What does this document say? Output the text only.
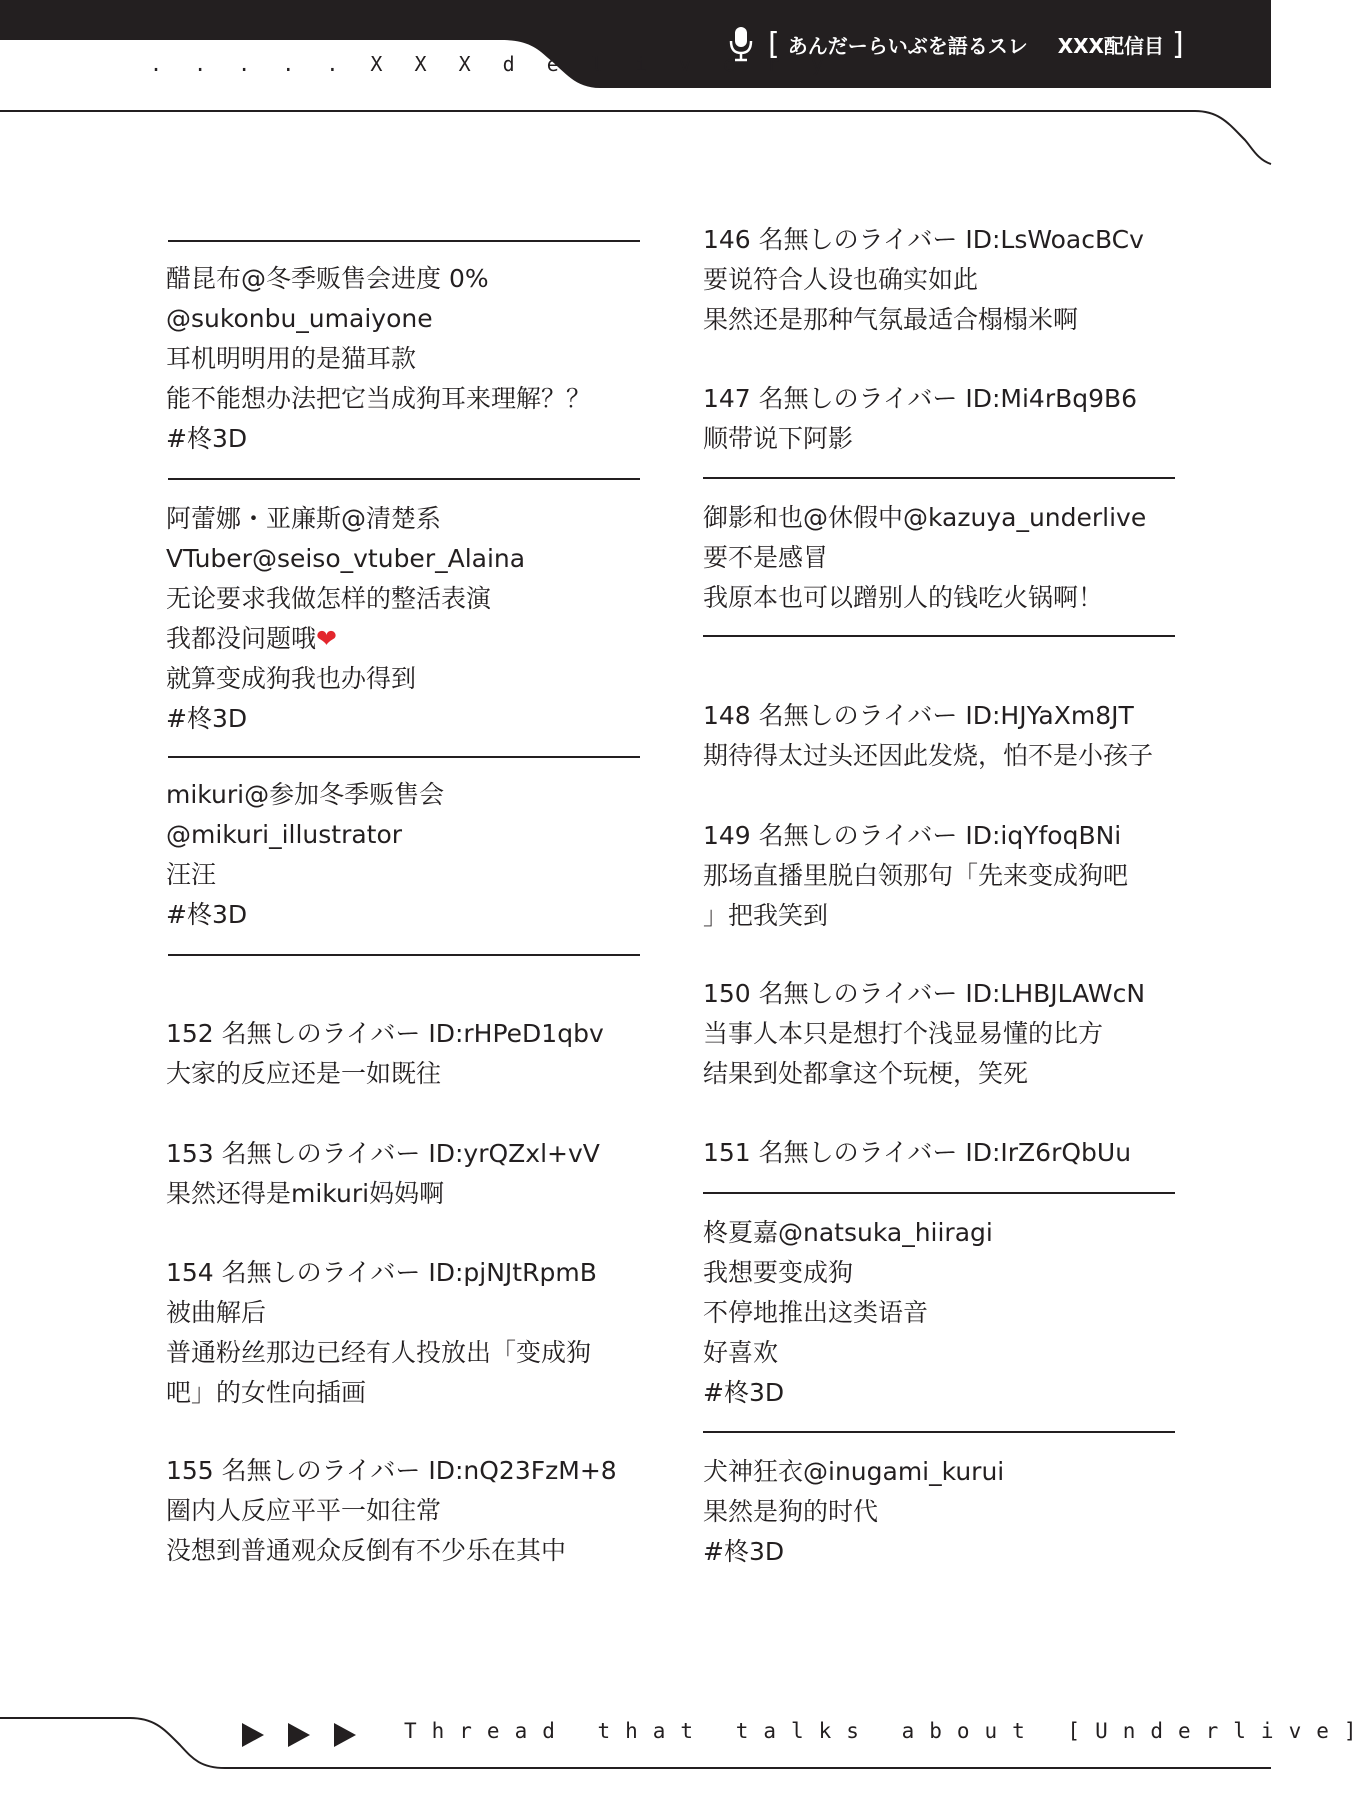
. . . . . X X X d e l i v e r y
[ あんだーらいぶを語るスレ XXX配信目 ]
醋昆布@冬季贩售会进度 0%
@sukonbu_umaiyone
耳机明明用的是猫耳款
能不能想办法把它当成狗耳来理解？？
#柊3D
阿蕾娜・亚廉斯@清楚系
VTuber@seiso_vtuber_Alaina
无论要求我做怎样的整活表演
我都没问题哦❤
就算变成狗我也办得到
#柊3D
mikuri@参加冬季贩售会
@mikuri_illustrator
汪汪
#柊3D
152 名無しのライバー ID:rHPeD1qbv
大家的反应还是一如既往
153 名無しのライバー ID:yrQZxl+vV
果然还得是mikuri妈妈啊
154 名無しのライバー ID:pjNJtRpmB
被曲解后
普通粉丝那边已经有人投放出「变成狗
吧」的女性向插画
155 名無しのライバー ID:nQ23FzM+8
圈内人反应平平一如往常
没想到普通观众反倒有不少乐在其中
146 名無しのライバー ID:LsWoacBCv
要说符合人设也确实如此
果然还是那种气氛最适合榻榻米啊
147 名無しのライバー ID:Mi4rBq9B6
顺带说下阿影
御影和也@休假中@kazuya_underlive
要不是感冒
我原本也可以蹭别人的钱吃火锅啊！
148 名無しのライバー ID:HJYaXm8JT
期待得太过头还因此发烧，怕不是小孩子
149 名無しのライバー ID:iqYfoqBNi
那场直播里脱白领那句「先来变成狗吧
」把我笑到
150 名無しのライバー ID:LHBJLAWcN
当事人本只是想打个浅显易懂的比方
结果到处都拿这个玩梗，笑死
151 名無しのライバー ID:IrZ6rQbUu
柊夏嘉@natsuka_hiiragi
我想要变成狗
不停地推出这类语音
好喜欢
#柊3D
犬神狂衣@inugami_kurui
果然是狗的时代
#柊3D
Thread that talks about [Underlive]
